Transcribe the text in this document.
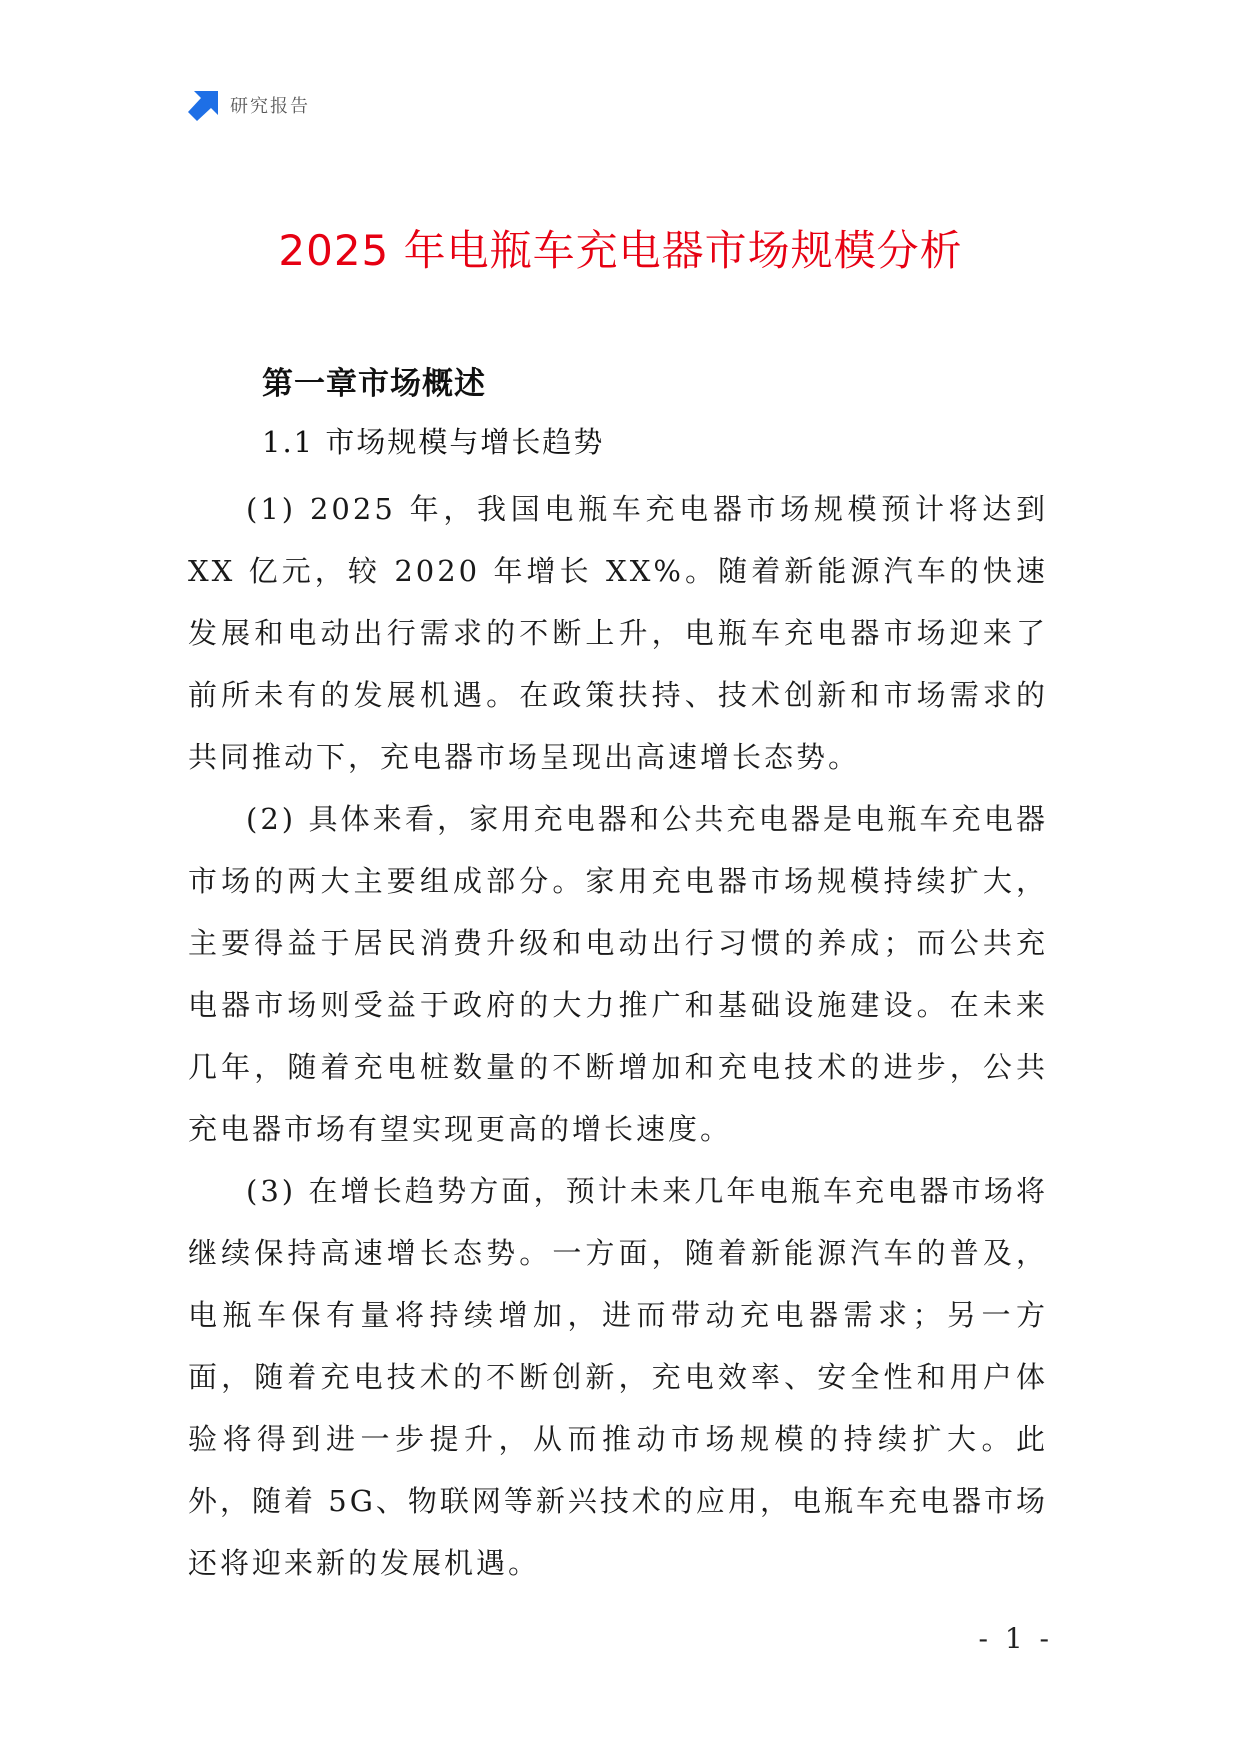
研究报告
2025 年电瓶车充电器市场规模分析
第一章市场概述
1.1 市场规模与增长趋势

(1) 2025 年，我国电瓶车充电器市场规模预计将达到 XX 亿元，较 2020 年增长 XX%。随着新能源汽车的快速发展和电动出行需求的不断上升，电瓶车充电器市场迎来了前所未有的发展机遇。在政策扶持、技术创新和市场需求的共同推动下，充电器市场呈现出高速增长态势。

(2) 具体来看，家用充电器和公共充电器是电瓶车充电器市场的两大主要组成部分。家用充电器市场规模持续扩大，主要得益于居民消费升级和电动出行习惯的养成；而公共充电器市场则受益于政府的大力推广和基础设施建设。在未来几年，随着充电桩数量的不断增加和充电技术的进步，公共充电器市场有望实现更高的增长速度。

(3) 在增长趋势方面，预计未来几年电瓶车充电器市场将继续保持高速增长态势。一方面，随着新能源汽车的普及，电瓶车保有量将持续增加，进而带动充电器需求；另一方面，随着充电技术的不断创新，充电效率、安全性和用户体验将得到进一步提升，从而推动市场规模的持续扩大。此外，随着 5G、物联网等新兴技术的应用，电瓶车充电器市场还将迎来新的发展机遇。

- 1 -
